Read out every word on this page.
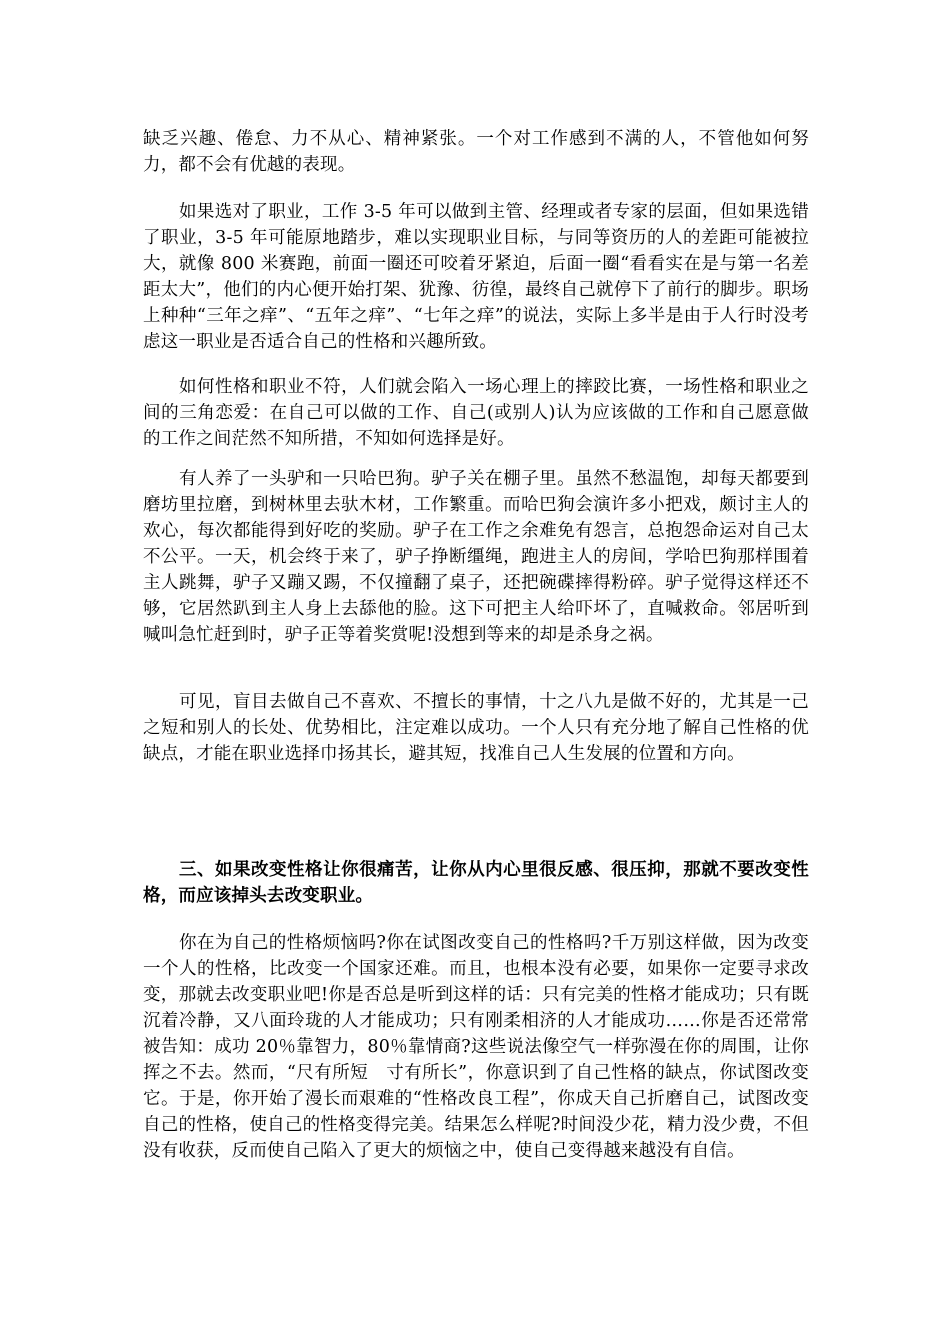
缺乏兴趣、倦怠、力不从心、精神紧张。一个对工作感到不满的人，不管他如何努力，都不会有优越的表现。

如果选对了职业，工作 3-5 年可以做到主管、经理或者专家的层面，但如果选错了职业，3-5 年可能原地踏步，难以实现职业目标，与同等资历的人的差距可能被拉大，就像 800 米赛跑，前面一圈还可咬着牙紧迫，后面一圈“看看实在是与第一名差距太大”，他们的内心便开始打架、犹豫、彷徨，最终自己就停下了前行的脚步。职场上种种“三年之痒”、“五年之痒”、“七年之痒”的说法，实际上多半是由于人行时没考虑这一职业是否适合自己的性格和兴趣所致。

如何性格和职业不符，人们就会陷入一场心理上的摔跤比赛，一场性格和职业之间的三角恋爱：在自己可以做的工作、自己(或别人)认为应该做的工作和自己愿意做的工作之间茫然不知所措，不知如何选择是好。

有人养了一头驴和一只哈巴狗。驴子关在棚子里。虽然不愁温饱，却每天都要到磨坊里拉磨，到树林里去驮木材，工作繁重。而哈巴狗会演许多小把戏，颇讨主人的欢心，每次都能得到好吃的奖励。驴子在工作之余难免有怨言，总抱怨命运对自己太不公平。一天，机会终于来了，驴子挣断缰绳，跑进主人的房间，学哈巴狗那样围着主人跳舞，驴子又蹦又踢，不仅撞翻了桌子，还把碗碟摔得粉碎。驴子觉得这样还不够，它居然趴到主人身上去舔他的脸。这下可把主人给吓坏了，直喊救命。邻居听到喊叫急忙赶到时，驴子正等着奖赏呢!没想到等来的却是杀身之祸。

可见，盲目去做自己不喜欢、不擅长的事情，十之八九是做不好的，尤其是一己之短和别人的长处、优势相比，注定难以成功。一个人只有充分地了解自己性格的优缺点，才能在职业选择巾扬其长，避其短，找准自己人生发展的位置和方向。

三、如果改变性格让你很痛苦，让你从内心里很反感、很压抑，那就不要改变性格，而应该掉头去改变职业。

你在为自己的性格烦恼吗?你在试图改变自己的性格吗?千万别这样做，因为改变一个人的性格，比改变一个国家还难。而且，也根本没有必要，如果你一定要寻求改变，那就去改变职业吧!你是否总是听到这样的话：只有完美的性格才能成功；只有既沉着冷静，又八面玲珑的人才能成功；只有刚柔相济的人才能成功……你是否还常常被告知：成功 20％靠智力，80％靠情商?这些说法像空气一样弥漫在你的周围，让你挥之不去。然而，“尺有所短　寸有所长”，你意识到了自己性格的缺点，你试图改变它。于是，你开始了漫长而艰难的“性格改良工程”，你成天自己折磨自己，试图改变自己的性格，使自己的性格变得完美。结果怎么样呢?时间没少花，精力没少费，不但没有收获，反而使自己陷入了更大的烦恼之中，使自己变得越来越没有自信。
